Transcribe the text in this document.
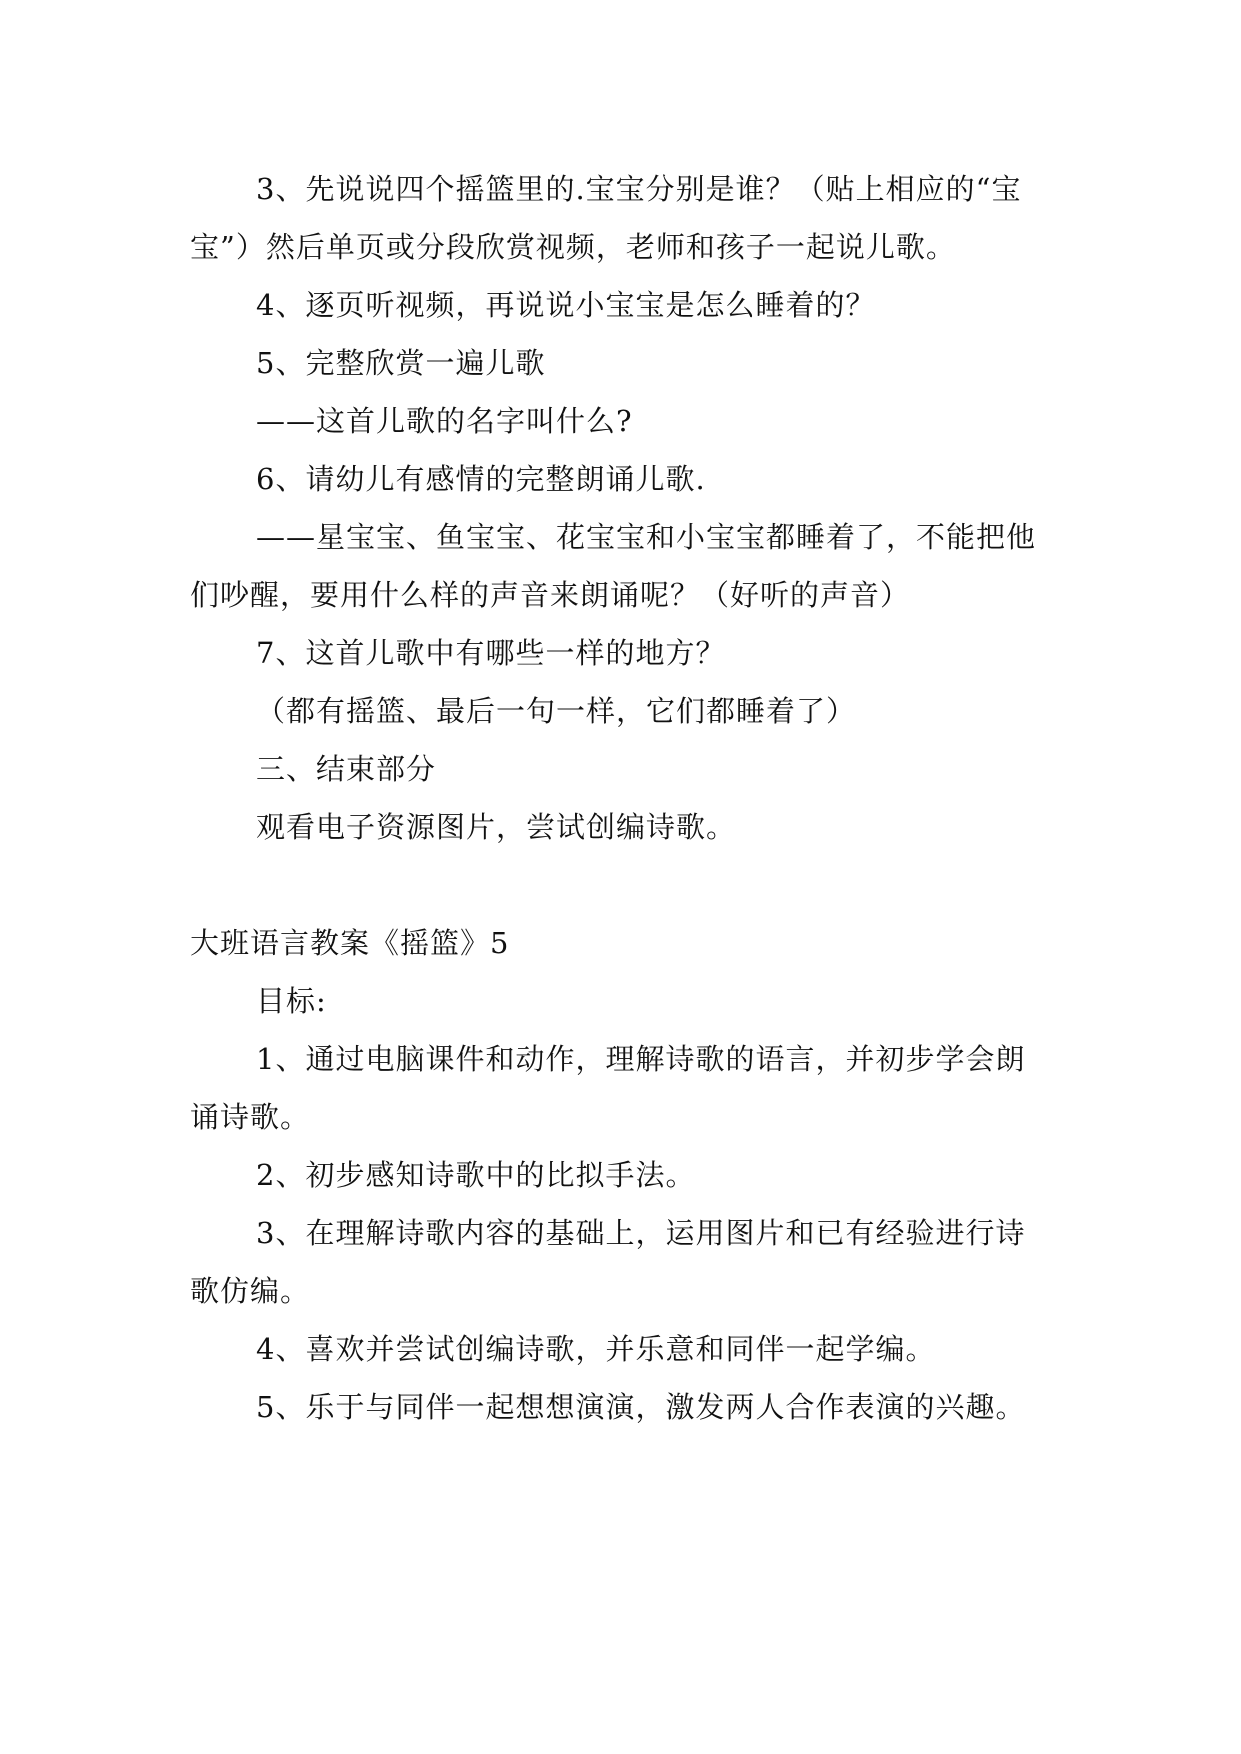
3、先说说四个摇篮里的.宝宝分别是谁？（贴上相应的“宝宝”）然后单页或分段欣赏视频，老师和孩子一起说儿歌。

4、逐页听视频，再说说小宝宝是怎么睡着的？

5、完整欣赏一遍儿歌

——这首儿歌的名字叫什么?

6、请幼儿有感情的完整朗诵儿歌.

——星宝宝、鱼宝宝、花宝宝和小宝宝都睡着了，不能把他们吵醒，要用什么样的声音来朗诵呢？（好听的声音）

7、这首儿歌中有哪些一样的地方？

（都有摇篮、最后一句一样，它们都睡着了）

三、结束部分

观看电子资源图片，尝试创编诗歌。

大班语言教案《摇篮》5

目标:

1、通过电脑课件和动作，理解诗歌的语言，并初步学会朗诵诗歌。

2、初步感知诗歌中的比拟手法。

3、在理解诗歌内容的基础上，运用图片和已有经验进行诗歌仿编。

4、喜欢并尝试创编诗歌，并乐意和同伴一起学编。

5、乐于与同伴一起想想演演，激发两人合作表演的兴趣。
